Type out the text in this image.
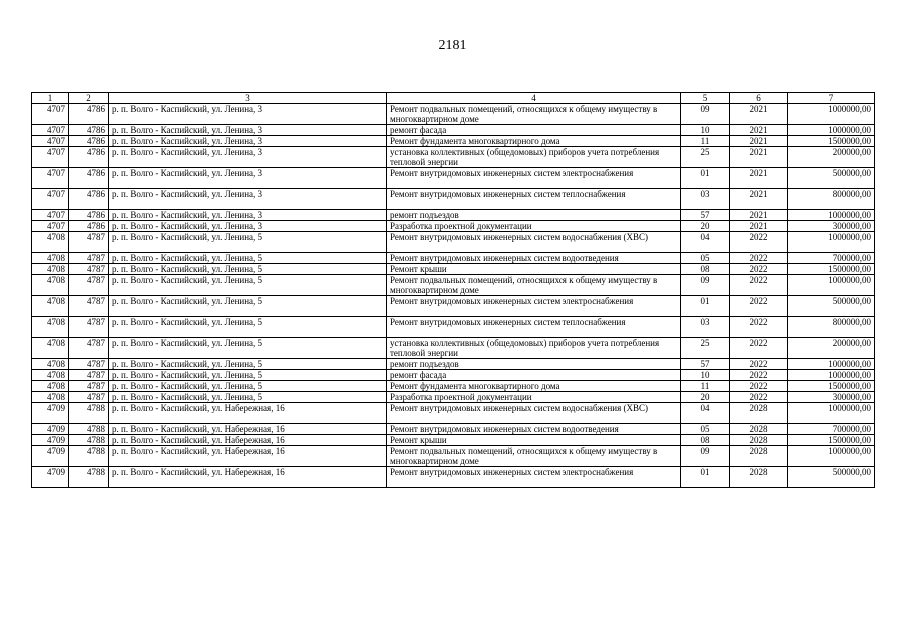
2181
1	2	3	4	5	6	7
4707	4786	р. п. Волго - Каспийский, ул. Ленина, 3	Ремонт подвальных помещений, относящихся к общему имуществу в многоквартирном доме	09	2021	1000000,00
4707	4786	р. п. Волго - Каспийский, ул. Ленина, 3	ремонт фасада	10	2021	1000000,00
4707	4786	р. п. Волго - Каспийский, ул. Ленина, 3	Ремонт фундамента многоквартирного дома	11	2021	1500000,00
4707	4786	р. п. Волго - Каспийский, ул. Ленина, 3	установка коллективных (общедомовых) приборов учета потребления тепловой энергии	25	2021	200000,00
4707	4786	р. п. Волго - Каспийский, ул. Ленина, 3	Ремонт внутридомовых инженерных систем электроснабжения	01	2021	500000,00
4707	4786	р. п. Волго - Каспийский, ул. Ленина, 3	Ремонт внутридомовых инженерных систем теплоснабжения	03	2021	800000,00
4707	4786	р. п. Волго - Каспийский, ул. Ленина, 3	ремонт подъездов	57	2021	1000000,00
4707	4786	р. п. Волго - Каспийский, ул. Ленина, 3	Разработка проектной документации	20	2021	300000,00
4708	4787	р. п. Волго - Каспийский, ул. Ленина, 5	Ремонт внутридомовых инженерных систем водоснабжения (ХВС)	04	2022	1000000,00
4708	4787	р. п. Волго - Каспийский, ул. Ленина, 5	Ремонт внутридомовых инженерных систем водоотведения	05	2022	700000,00
4708	4787	р. п. Волго - Каспийский, ул. Ленина, 5	Ремонт крыши	08	2022	1500000,00
4708	4787	р. п. Волго - Каспийский, ул. Ленина, 5	Ремонт подвальных помещений, относящихся к общему имуществу в многоквартирном доме	09	2022	1000000,00
4708	4787	р. п. Волго - Каспийский, ул. Ленина, 5	Ремонт внутридомовых инженерных систем электроснабжения	01	2022	500000,00
4708	4787	р. п. Волго - Каспийский, ул. Ленина, 5	Ремонт внутридомовых инженерных систем теплоснабжения	03	2022	800000,00
4708	4787	р. п. Волго - Каспийский, ул. Ленина, 5	установка коллективных (общедомовых) приборов учета потребления тепловой энергии	25	2022	200000,00
4708	4787	р. п. Волго - Каспийский, ул. Ленина, 5	ремонт подъездов	57	2022	1000000,00
4708	4787	р. п. Волго - Каспийский, ул. Ленина, 5	ремонт фасада	10	2022	1000000,00
4708	4787	р. п. Волго - Каспийский, ул. Ленина, 5	Ремонт фундамента многоквартирного дома	11	2022	1500000,00
4708	4787	р. п. Волго - Каспийский, ул. Ленина, 5	Разработка проектной документации	20	2022	300000,00
4709	4788	р. п. Волго - Каспийский, ул. Набережная, 16	Ремонт внутридомовых инженерных систем водоснабжения (ХВС)	04	2028	1000000,00
4709	4788	р. п. Волго - Каспийский, ул. Набережная, 16	Ремонт внутридомовых инженерных систем водоотведения	05	2028	700000,00
4709	4788	р. п. Волго - Каспийский, ул. Набережная, 16	Ремонт крыши	08	2028	1500000,00
4709	4788	р. п. Волго - Каспийский, ул. Набережная, 16	Ремонт подвальных помещений, относящихся к общему имуществу в многоквартирном доме	09	2028	1000000,00
4709	4788	р. п. Волго - Каспийский, ул. Набережная, 16	Ремонт внутридомовых инженерных систем электроснабжения	01	2028	500000,00
